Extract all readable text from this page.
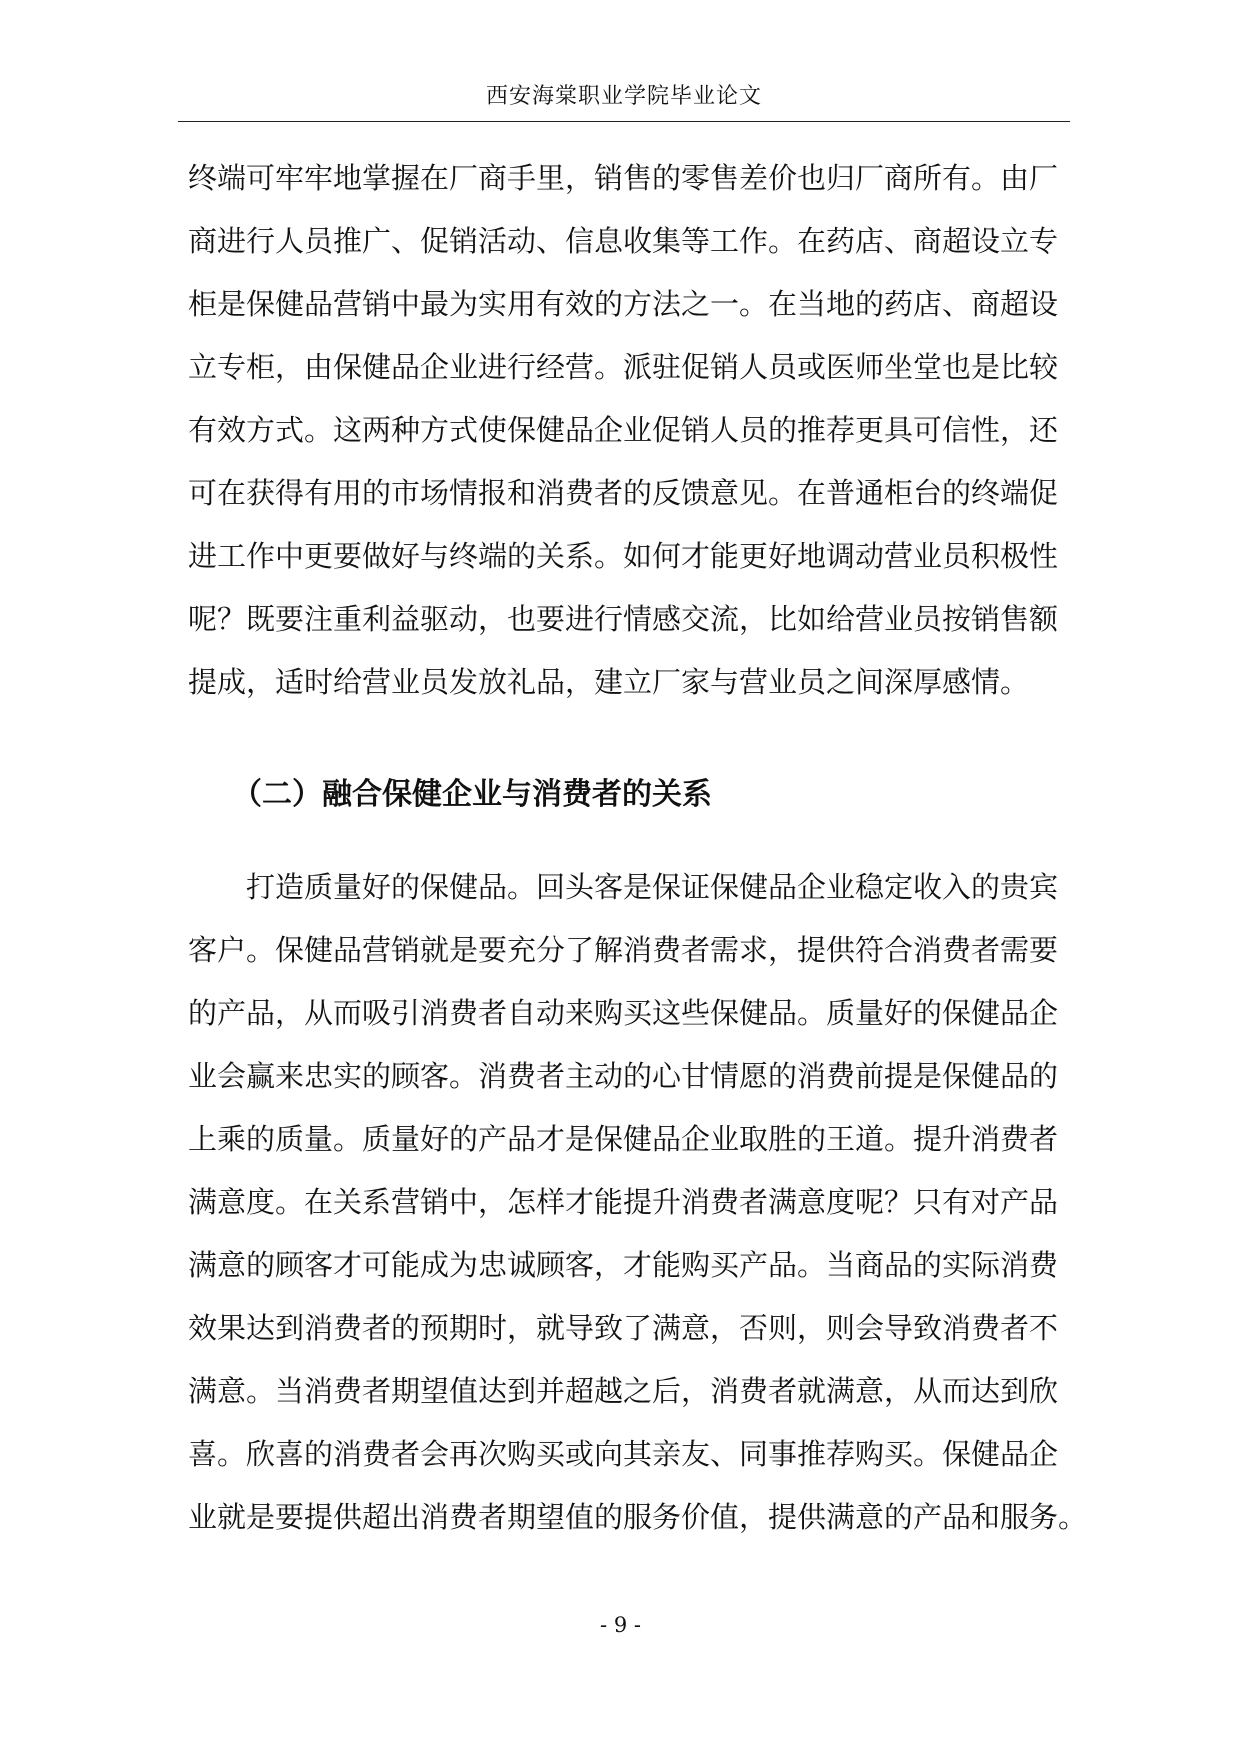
西安海棠职业学院毕业论文
终端可牢牢地掌握在厂商手里，销售的零售差价也归厂商所有。由厂
商进行人员推广、促销活动、信息收集等工作。在药店、商超设立专
柜是保健品营销中最为实用有效的方法之一。在当地的药店、商超设
立专柜，由保健品企业进行经营。派驻促销人员或医师坐堂也是比较
有效方式。这两种方式使保健品企业促销人员的推荐更具可信性，还
可在获得有用的市场情报和消费者的反馈意见。在普通柜台的终端促
进工作中更要做好与终端的关系。如何才能更好地调动营业员积极性
呢？既要注重利益驱动，也要进行情感交流，比如给营业员按销售额
提成，适时给营业员发放礼品，建立厂家与营业员之间深厚感情。
（二）融合保健企业与消费者的关系
打造质量好的保健品。回头客是保证保健品企业稳定收入的贵宾
客户。保健品营销就是要充分了解消费者需求，提供符合消费者需要
的产品，从而吸引消费者自动来购买这些保健品。质量好的保健品企
业会赢来忠实的顾客。消费者主动的心甘情愿的消费前提是保健品的
上乘的质量。质量好的产品才是保健品企业取胜的王道。提升消费者
满意度。在关系营销中，怎样才能提升消费者满意度呢？只有对产品
满意的顾客才可能成为忠诚顾客，才能购买产品。当商品的实际消费
效果达到消费者的预期时，就导致了满意，否则，则会导致消费者不
满意。当消费者期望值达到并超越之后，消费者就满意，从而达到欣
喜。欣喜的消费者会再次购买或向其亲友、同事推荐购买。保健品企
业就是要提供超出消费者期望值的服务价值，提供满意的产品和服务。
- 9 -
